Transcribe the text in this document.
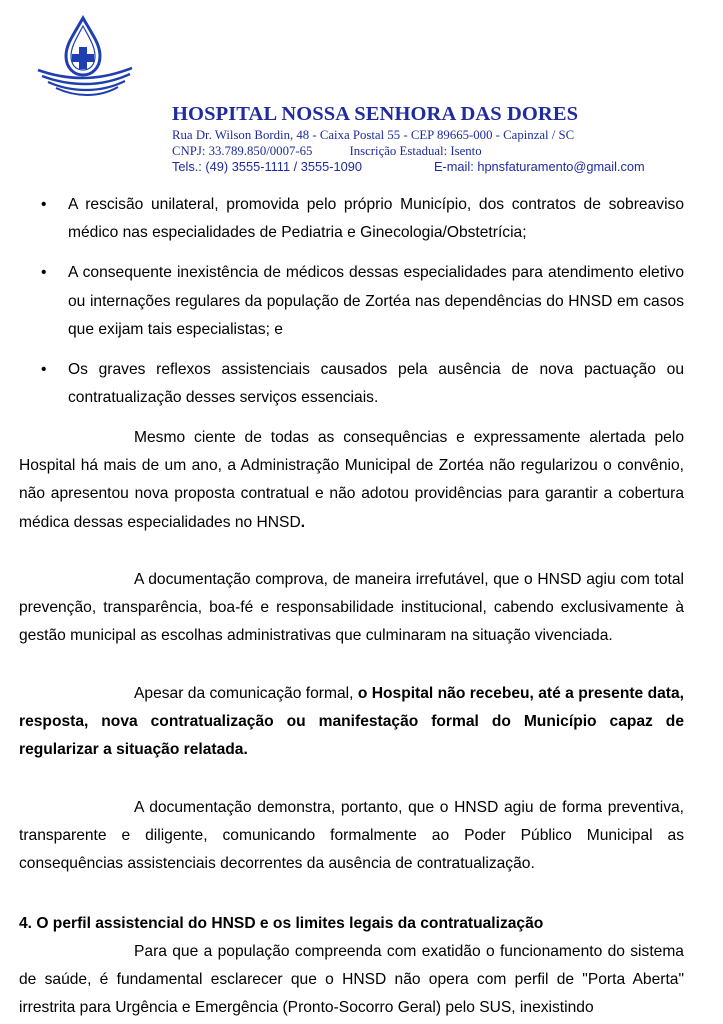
HOSPITAL NOSSA SENHORA DAS DORES
Rua Dr. Wilson Bordin, 48 - Caixa Postal 55 - CEP 89665-000 - Capinzal / SC
CNPJ: 33.789.850/0007-65	Inscrição Estadual: Isento
Tels.: (49) 3555-1111 / 3555-1090	E-mail: hpnsfaturamento@gmail.com
• A rescisão unilateral, promovida pelo próprio Município, dos contratos de sobreaviso médico nas especialidades de Pediatria e Ginecologia/Obstetrícia;
• A consequente inexistência de médicos dessas especialidades para atendimento eletivo ou internações regulares da população de Zortéa nas dependências do HNSD em casos que exijam tais especialistas; e
• Os graves reflexos assistenciais causados pela ausência de nova pactuação ou contratualização desses serviços essenciais.
Mesmo ciente de todas as consequências e expressamente alertada pelo Hospital há mais de um ano, a Administração Municipal de Zortéa não regularizou o convênio, não apresentou nova proposta contratual e não adotou providências para garantir a cobertura médica dessas especialidades no HNSD.
A documentação comprova, de maneira irrefutável, que o HNSD agiu com total prevenção, transparência, boa-fé e responsabilidade institucional, cabendo exclusivamente à gestão municipal as escolhas administrativas que culminaram na situação vivenciada.
Apesar da comunicação formal, o Hospital não recebeu, até a presente data, resposta, nova contratualização ou manifestação formal do Município capaz de regularizar a situação relatada.
A documentação demonstra, portanto, que o HNSD agiu de forma preventiva, transparente e diligente, comunicando formalmente ao Poder Público Municipal as consequências assistenciais decorrentes da ausência de contratualização.
4. O perfil assistencial do HNSD e os limites legais da contratualização
Para que a população compreenda com exatidão o funcionamento do sistema de saúde, é fundamental esclarecer que o HNSD não opera com perfil de "Porta Aberta" irrestrita para Urgência e Emergência (Pronto-Socorro Geral) pelo SUS, inexistindo
